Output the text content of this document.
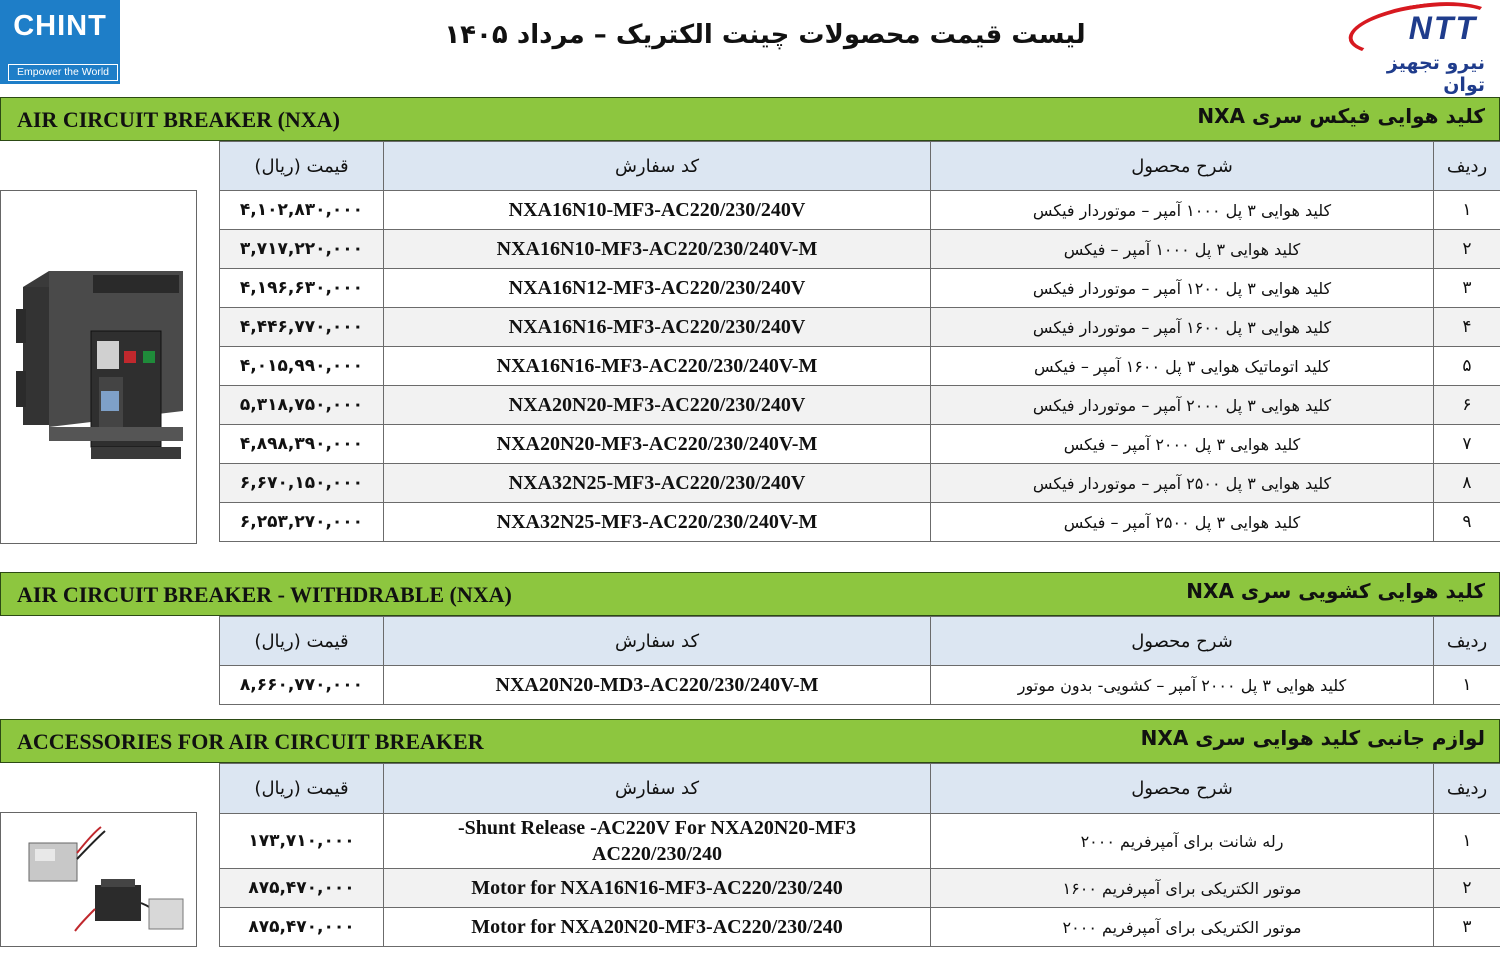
CHINT
Empower the World
لیست قیمت محصولات چینت الکتریک – مرداد ۱۴۰۵	NTT
نیرو تجهیز توان
AIR CIRCUIT BREAKER (NXA)	کلید هوایی فیکس سری NXA
قیمت (ریال)	کد سفارش	شرح محصول	ردیف
۴,۱۰۲,۸۳۰,۰۰۰	NXA16N10-MF3-AC220/230/240V	کلید هوایی ۳ پل ۱۰۰۰ آمپر – موتوردار فیکس	۱
۳,۷۱۷,۲۲۰,۰۰۰	NXA16N10-MF3-AC220/230/240V-M	کلید هوایی ۳ پل ۱۰۰۰ آمپر – فیکس	۲
۴,۱۹۶,۶۳۰,۰۰۰	NXA16N12-MF3-AC220/230/240V	کلید هوایی ۳ پل ۱۲۰۰ آمپر – موتوردار فیکس	۳
۴,۴۴۶,۷۷۰,۰۰۰	NXA16N16-MF3-AC220/230/240V	کلید هوایی ۳ پل ۱۶۰۰ آمپر – موتوردار فیکس	۴
۴,۰۱۵,۹۹۰,۰۰۰	NXA16N16-MF3-AC220/230/240V-M	کلید اتوماتیک هوایی ۳ پل ۱۶۰۰ آمپر – فیکس	۵
۵,۳۱۸,۷۵۰,۰۰۰	NXA20N20-MF3-AC220/230/240V	کلید هوایی ۳ پل ۲۰۰۰ آمپر – موتوردار فیکس	۶
۴,۸۹۸,۳۹۰,۰۰۰	NXA20N20-MF3-AC220/230/240V-M	کلید هوایی ۳ پل ۲۰۰۰ آمپر – فیکس	۷
۶,۶۷۰,۱۵۰,۰۰۰	NXA32N25-MF3-AC220/230/240V	کلید هوایی ۳ پل ۲۵۰۰ آمپر – موتوردار فیکس	۸
۶,۲۵۳,۲۷۰,۰۰۰	NXA32N25-MF3-AC220/230/240V-M	کلید هوایی ۳ پل ۲۵۰۰ آمپر – فیکس	۹
AIR CIRCUIT BREAKER - WITHDRABLE (NXA)	کلید هوایی کشویی سری NXA
قیمت (ریال)	کد سفارش	شرح محصول	ردیف
۸,۶۶۰,۷۷۰,۰۰۰	NXA20N20-MD3-AC220/230/240V-M	کلید هوایی ۳ پل ۲۰۰۰ آمپر – کشویی- بدون موتور	۱
ACCESSORIES FOR AIR CIRCUIT BREAKER	لوازم جانبی کلید هوایی سری NXA
قیمت (ریال)	کد سفارش	شرح محصول	ردیف
۱۷۳,۷۱۰,۰۰۰	-Shunt Release -AC220V For NXA20N20-MF3 AC220/230/240	رله شانت برای آمپرفریم ۲۰۰۰	۱
۸۷۵,۴۷۰,۰۰۰	Motor for NXA16N16-MF3-AC220/230/240	موتور الکتریکی برای آمپرفریم ۱۶۰۰	۲
۸۷۵,۴۷۰,۰۰۰	Motor for NXA20N20-MF3-AC220/230/240	موتور الکتریکی برای آمپرفریم ۲۰۰۰	۳
